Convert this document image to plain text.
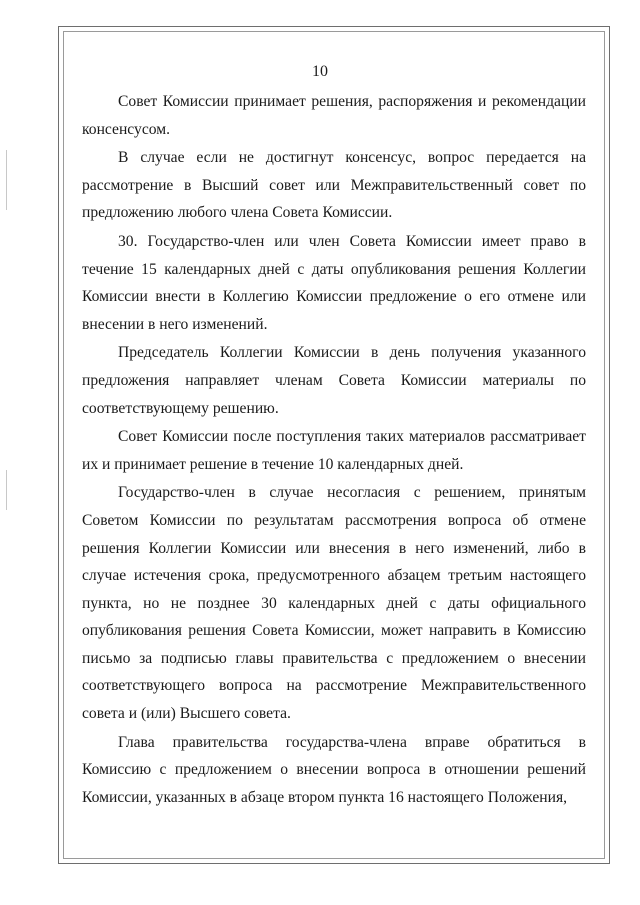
10

Совет Комиссии принимает решения, распоряжения и рекомендации консенсусом.

В случае если не достигнут консенсус, вопрос передается на рассмотрение в Высший совет или Межправительственный совет по предложению любого члена Совета Комиссии.

30. Государство-член или член Совета Комиссии имеет право в течение 15 календарных дней с даты опубликования решения Коллегии Комиссии внести в Коллегию Комиссии предложение о его отмене или внесении в него изменений.

Председатель Коллегии Комиссии в день получения указанного предложения направляет членам Совета Комиссии материалы по соответствующему решению.

Совет Комиссии после поступления таких материалов рассматривает их и принимает решение в течение 10 календарных дней.

Государство-член в случае несогласия с решением, принятым Советом Комиссии по результатам рассмотрения вопроса об отмене решения Коллегии Комиссии или внесения в него изменений, либо в случае истечения срока, предусмотренного абзацем третьим настоящего пункта, но не позднее 30 календарных дней с даты официального опубликования решения Совета Комиссии, может направить в Комиссию письмо за подписью главы правительства с предложением о внесении соответствующего вопроса на рассмотрение Межправительственного совета и (или) Высшего совета.

Глава правительства государства-члена вправе обратиться в Комиссию с предложением о внесении вопроса в отношении решений Комиссии, указанных в абзаце втором пункта 16 настоящего Положения,
